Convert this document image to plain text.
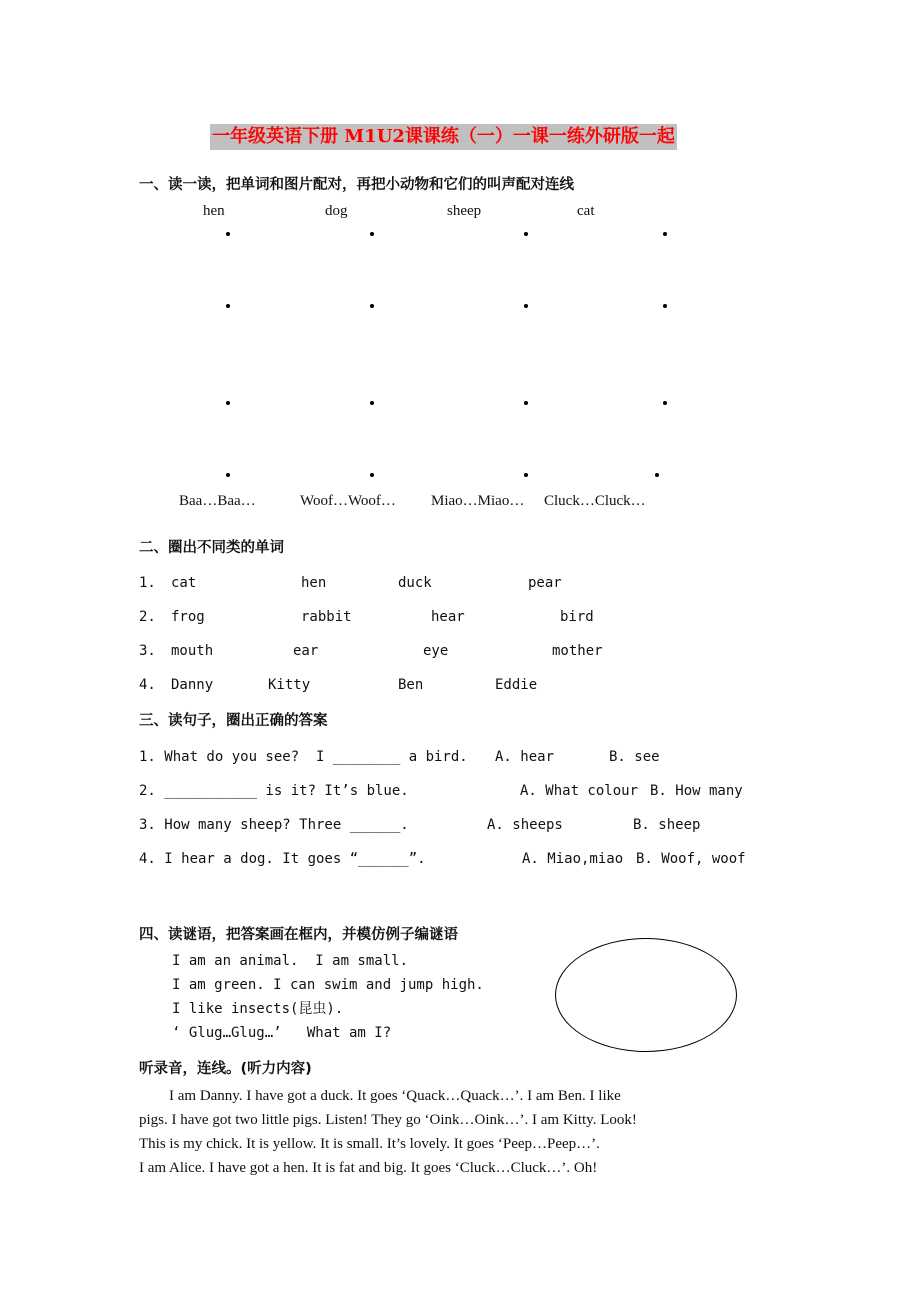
一年级英语下册 M1U2课课练（一）一课一练外研版一起
一、读一读，把单词和图片配对，再把小动物和它们的叫声配对连线
hen	dog	sheep	cat
Baa…Baa…	Woof…Woof… Miao…Miao… Cluck…Cluck…
二、圈出不同类的单词
三、读句子，圈出正确的答案
四、读谜语，把答案画在框内，并模仿例子编谜语
I am an animal.  I am small.
I am green. I can swim and jump high.
I like insects(昆虫).
‘ Glug…Glug…’   What am I?
听录音，连线。(听力内容)
I am Danny. I have got a duck. It goes ‘Quack…Quack…’. I am Ben. I like
pigs. I have got two little pigs. Listen! They go ‘Oink…Oink…’. I am Kitty. Look!
This is my chick. It is yellow. It is small. It’s lovely. It goes ‘Peep…Peep…’.
I am Alice. I have got a hen. It is fat and big. It goes ‘Cluck…Cluck…’. Oh!
1. cat	hen	duck	pear
2. frog	rabbit	hear	bird
3. mouth	ear	eye	mother
4. Danny	Kitty	Ben	Eddie
1. What do you see?  I ________ a bird. A. hear	B. see
2. ___________ is it? It’s blue.	A. What colour B. How many
3. How many sheep? Three ______.	A. sheeps	B. sheep
4. I hear a dog. It goes “______”.	A. Miao,miao B. Woof, woof
